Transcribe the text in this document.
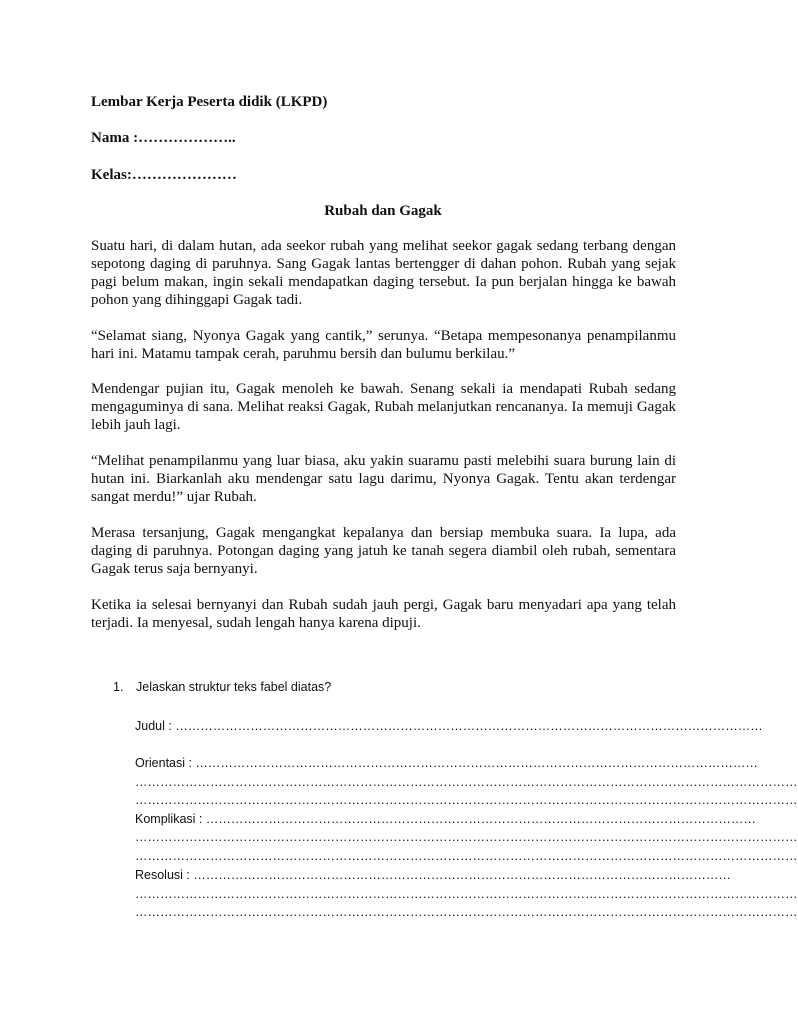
Lembar Kerja Peserta didik (LKPD)
Nama :………………..
Kelas:…………………
Rubah dan Gagak
Suatu hari, di dalam hutan, ada seekor rubah yang melihat seekor gagak sedang terbang dengan sepotong daging di paruhnya. Sang Gagak lantas bertengger di dahan pohon. Rubah yang sejak pagi belum makan, ingin sekali mendapatkan daging tersebut. Ia pun berjalan hingga ke bawah pohon yang dihinggapi Gagak tadi.
“Selamat siang, Nyonya Gagak yang cantik,” serunya. “Betapa mempesonanya penampilanmu hari ini. Matamu tampak cerah, paruhmu bersih dan bulumu berkilau.”
Mendengar pujian itu, Gagak menoleh ke bawah. Senang sekali ia mendapati Rubah sedang mengaguminya di sana. Melihat reaksi Gagak, Rubah melanjutkan rencananya. Ia memuji Gagak lebih jauh lagi.
“Melihat penampilanmu yang luar biasa, aku yakin suaramu pasti melebihi suara burung lain di hutan ini. Biarkanlah aku mendengar satu lagu darimu, Nyonya Gagak. Tentu akan terdengar sangat merdu!” ujar Rubah.
Merasa tersanjung, Gagak mengangkat kepalanya dan bersiap membuka suara. Ia lupa, ada daging di paruhnya. Potongan daging yang jatuh ke tanah segera diambil oleh rubah, sementara Gagak terus saja bernyanyi.
Ketika ia selesai bernyanyi dan Rubah sudah jauh pergi, Gagak baru menyadari apa yang telah terjadi. Ia menyesal, sudah lengah hanya karena dipuji.
1. Jelaskan struktur teks fabel diatas?
Judul : ……………………………………………………………………………………………………………………………
Orientasi : ………………………………………………………………………………………………………………………
……………………………………………………………………………………………………………………………………………
……………………………………………………………………………………………………………………………………………
Komplikasi : ……………………………………………………………………………………………………………………
……………………………………………………………………………………………………………………………………………
……………………………………………………………………………………………………………………………………………
Resolusi : …………………………………………………………………………………………………………………
……………………………………………………………………………………………………………………………………………
……………………………………………………………………………………………………………………………………………
